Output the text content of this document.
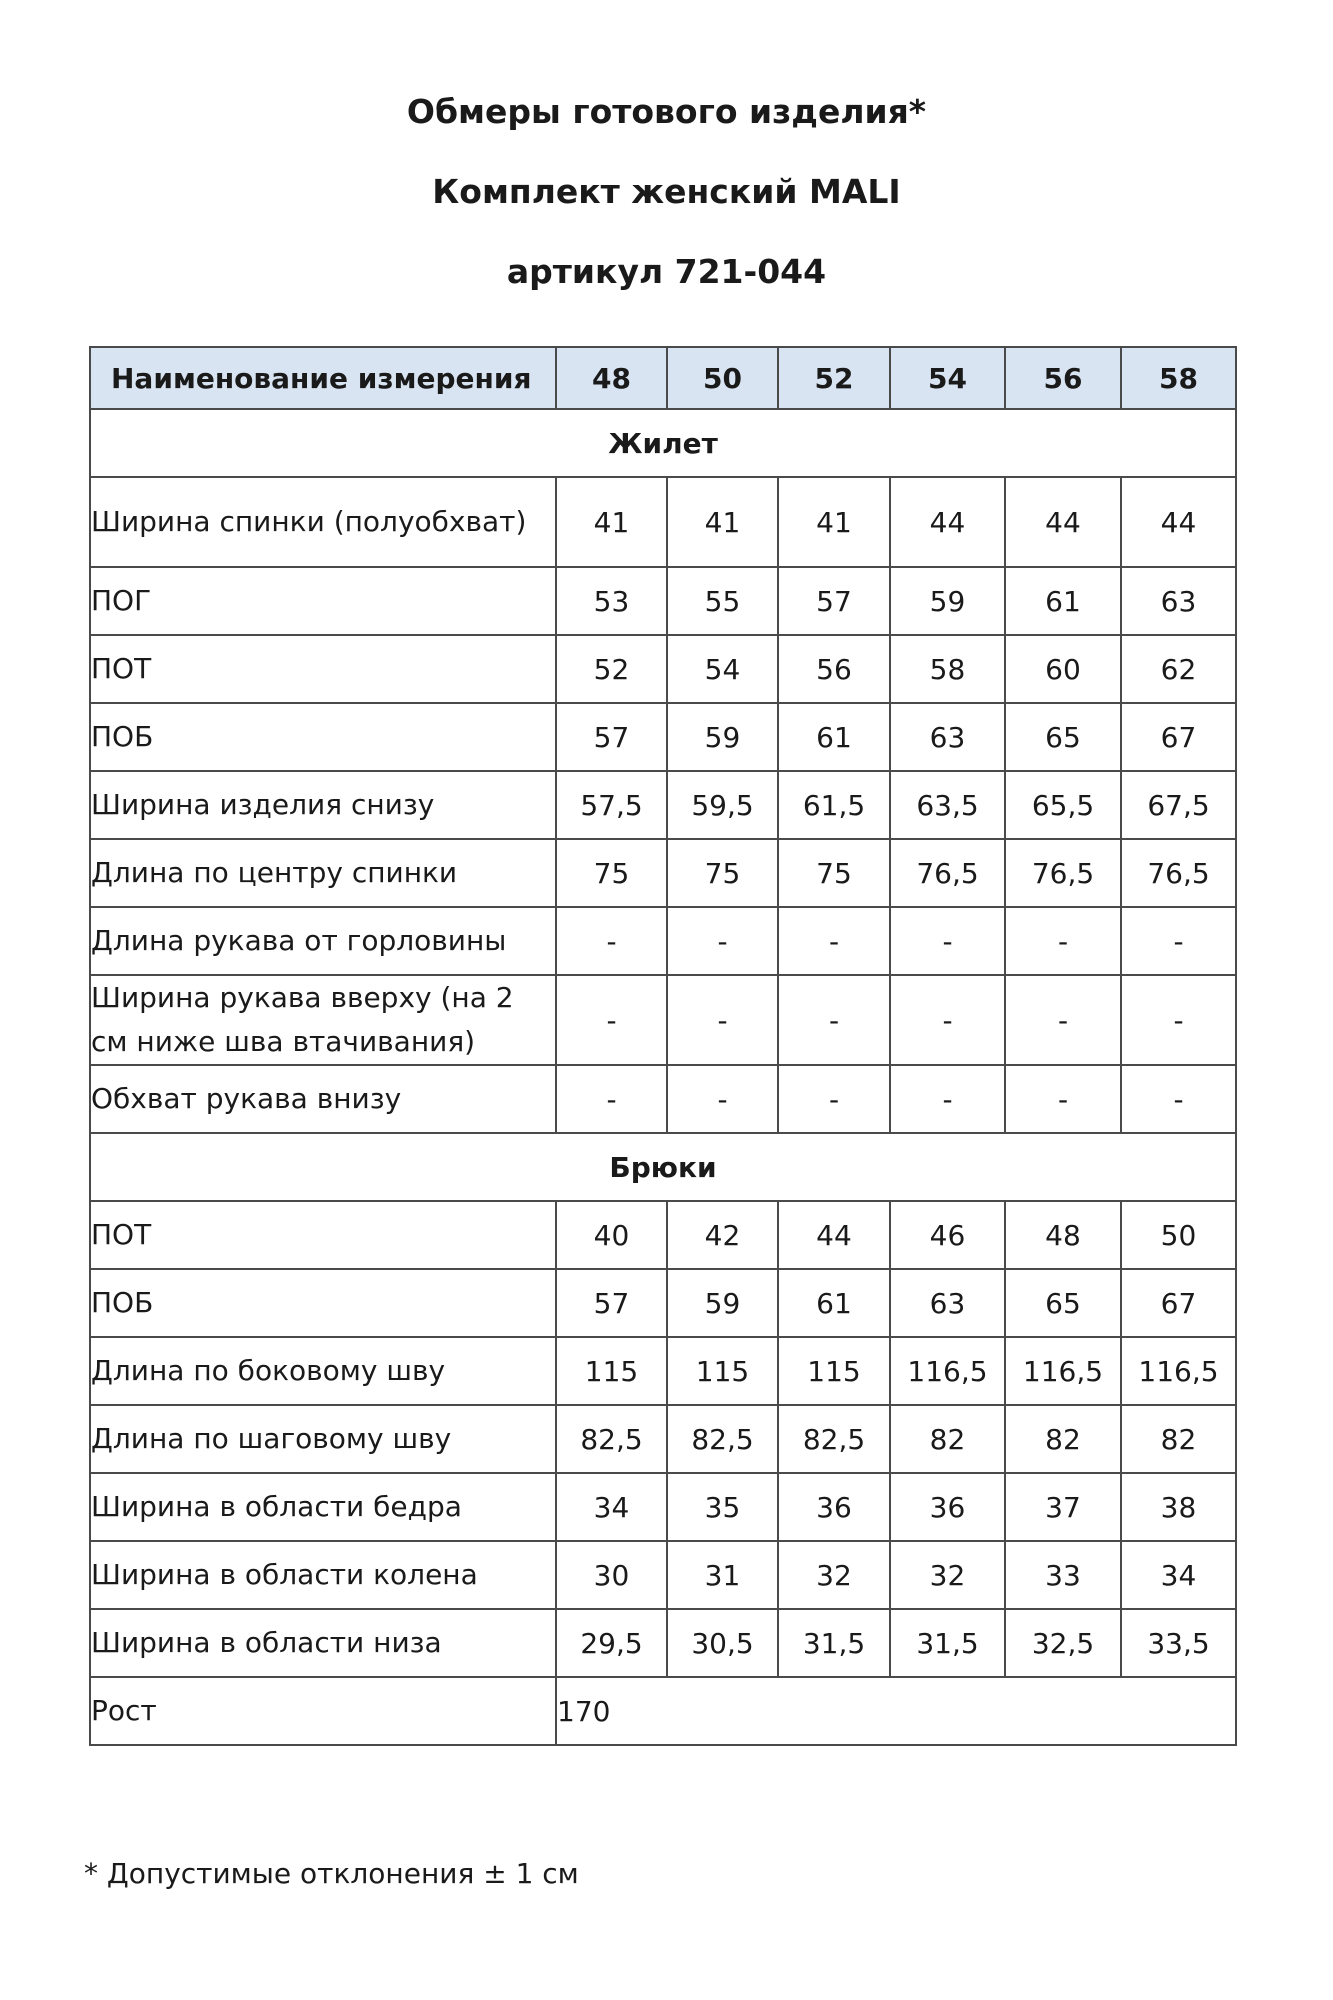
Обмеры готового изделия*
Комплект женский MALI
артикул 721-044
Наименование измерения	48	50	52	54	56	58
Жилет						
Ширина спинки (полуобхват)	41	41	41	44	44	44
ПОГ	53	55	57	59	61	63
ПОТ	52	54	56	58	60	62
ПОБ	57	59	61	63	65	67
Ширина изделия снизу	57,5	59,5	61,5	63,5	65,5	67,5
Длина по центру спинки	75	75	75	76,5	76,5	76,5
Длина рукава от горловины	-	-	-	-	-	-
Ширина рукава вверху (на 2 см ниже шва втачивания)	-	-	-	-	-	-
Обхват рукава внизу	-	-	-	-	-	-
Брюки						
ПОТ	40	42	44	46	48	50
ПОБ	57	59	61	63	65	67
Длина по боковому шву	115	115	115	116,5	116,5	116,5
Длина по шаговому шву	82,5	82,5	82,5	82	82	82
Ширина в области бедра	34	35	36	36	37	38
Ширина в области колена	30	31	32	32	33	34
Ширина в области низа	29,5	30,5	31,5	31,5	32,5	33,5
Рост	170					
* Допустимые отклонения ± 1 см
